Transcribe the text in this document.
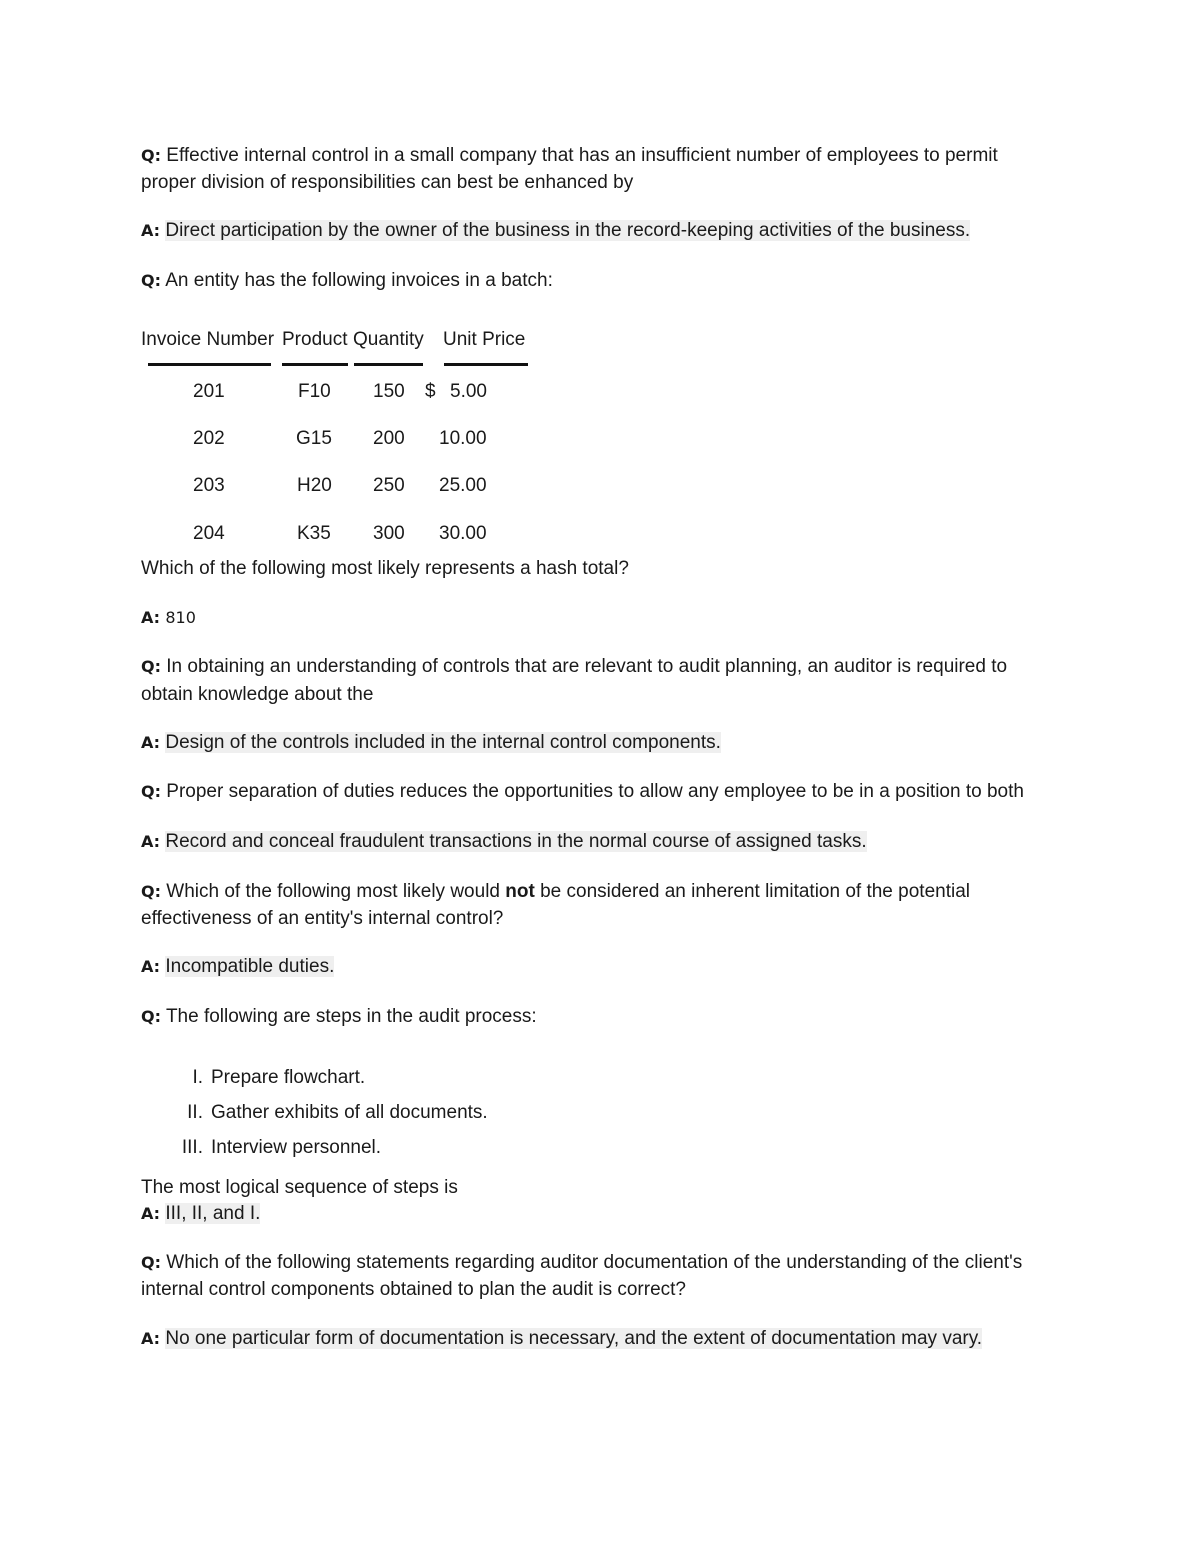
Q: Effective internal control in a small company that has an insufficient number of employees to permit
proper division of responsibilities can best be enhanced by
A: Direct participation by the owner of the business in the record-keeping activities of the business.
Q: An entity has the following invoices in a batch:
Invoice Number Product Quantity Unit Price
201	F10 150 $ 5.00
202	G15 200 10.00
203	H20 250 25.00
204	K35 300 30.00
Which of the following most likely represents a hash total?
A: 810
Q: In obtaining an understanding of controls that are relevant to audit planning, an auditor is required to
obtain knowledge about the
A: Design of the controls included in the internal control components.
Q: Proper separation of duties reduces the opportunities to allow any employee to be in a position to both
A: Record and conceal fraudulent transactions in the normal course of assigned tasks.
Q: Which of the following most likely would not be considered an inherent limitation of the potential
effectiveness of an entity's internal control?
A: Incompatible duties.
Q: The following are steps in the audit process:
I. Prepare flowchart.
II. Gather exhibits of all documents.
III. Interview personnel.
The most logical sequence of steps is
A: III, II, and I.
Q: Which of the following statements regarding auditor documentation of the understanding of the client's
internal control components obtained to plan the audit is correct?
A: No one particular form of documentation is necessary, and the extent of documentation may vary.
